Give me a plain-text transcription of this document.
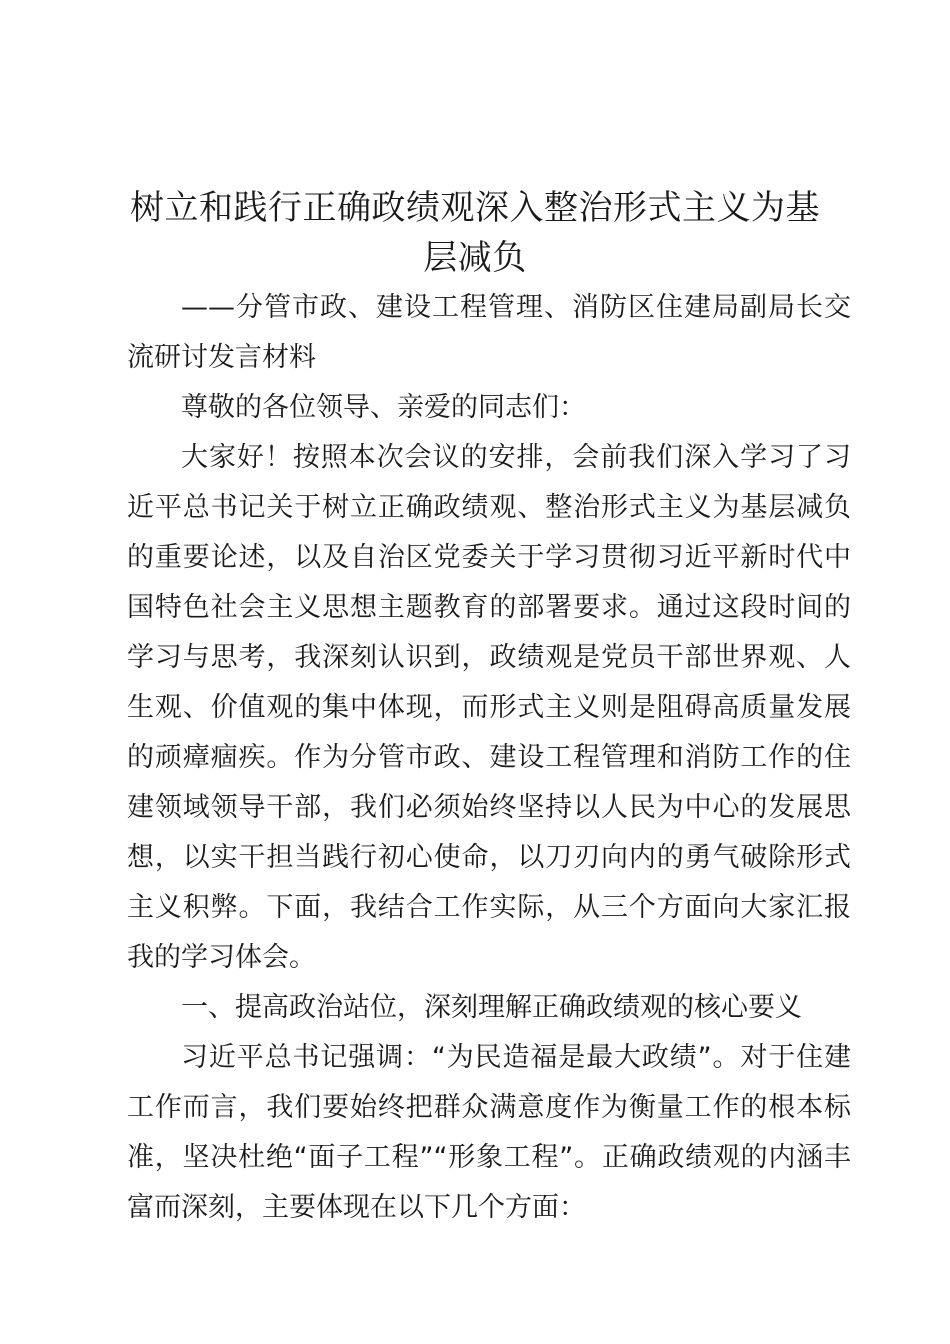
树立和践行正确政绩观深入整治形式主义为基层减负

——分管市政、建设工程管理、消防区住建局副局长交流研讨发言材料

尊敬的各位领导、亲爱的同志们：

大家好！按照本次会议的安排，会前我们深入学习了习近平总书记关于树立正确政绩观、整治形式主义为基层减负的重要论述，以及自治区党委关于学习贯彻习近平新时代中国特色社会主义思想主题教育的部署要求。通过这段时间的学习与思考，我深刻认识到，政绩观是党员干部世界观、人生观、价值观的集中体现，而形式主义则是阻碍高质量发展的顽瘴痼疾。作为分管市政、建设工程管理和消防工作的住建领域领导干部，我们必须始终坚持以人民为中心的发展思想，以实干担当践行初心使命，以刀刃向内的勇气破除形式主义积弊。下面，我结合工作实际，从三个方面向大家汇报我的学习体会。

一、提高政治站位，深刻理解正确政绩观的核心要义

习近平总书记强调：“为民造福是最大政绩”。对于住建工作而言，我们要始终把群众满意度作为衡量工作的根本标准，坚决杜绝“面子工程”“形象工程”。正确政绩观的内涵丰富而深刻，主要体现在以下几个方面：
